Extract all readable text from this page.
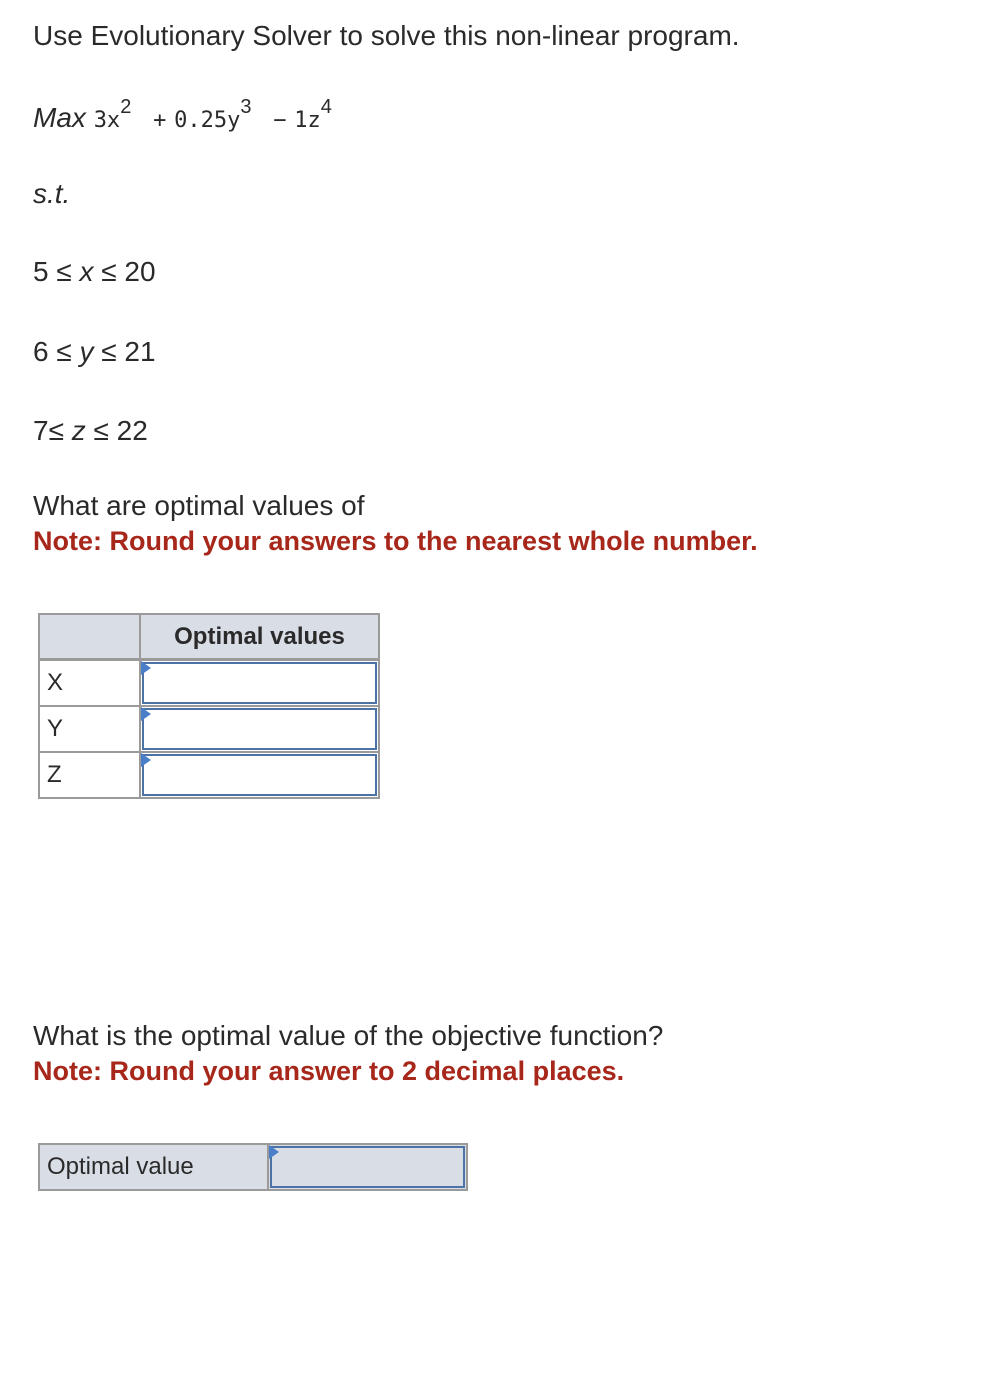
Use Evolutionary Solver to solve this non-linear program.
Max $3x^2 + 0.25y^3 - 1z^4$
s.t.
5 ≤ x ≤ 20
6 ≤ y ≤ 21
7≤ z ≤ 22
What are optimal values of
Note: Round your answers to the nearest whole number.
Optimal values
X
Y
Z
What is the optimal value of the objective function?
Note: Round your answer to 2 decimal places.
Optimal value
